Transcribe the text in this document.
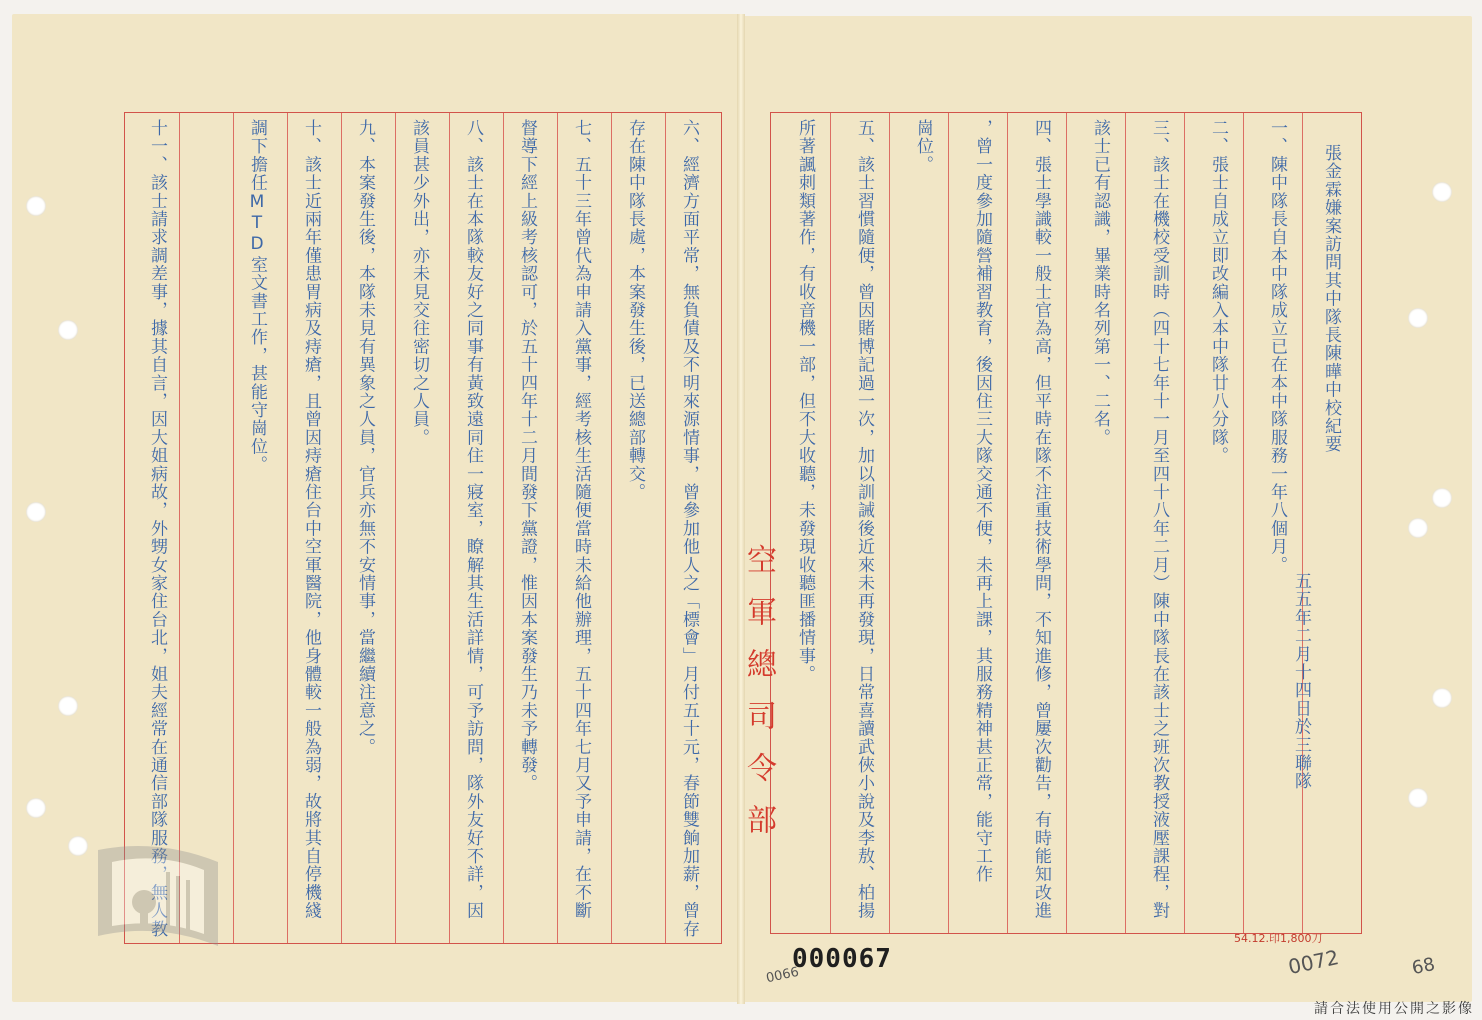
六、經濟方面平常，無負債及不明來源情事，曾參加他人之「標會」月付五十元，春節雙餉加薪，曾存
存在陳中隊長處，本案發生後，已送總部轉交。
七、五十三年曾代為申請入黨事，經考核生活隨便當時未給他辦理，五十四年七月又予申請，在不斷
督導下經上級考核認可，於五十四年十二月間發下黨證，惟因本案發生乃未予轉發。
八、該士在本隊較友好之同事有黃致遠同住一寢室，瞭解其生活詳情，可予訪問，隊外友好不詳，因
該員甚少外出，亦未見交往密切之人員。
九、本案發生後，本隊未見有異象之人員，官兵亦無不安情事，當繼續注意之。
十、該士近兩年僅患胃病及痔瘡，且曾因痔瘡住台中空軍醫院，他身體較一般為弱，故將其自停機綫
調下擔任MTD室文書工作，甚能守崗位。
十一、該士請求調差事，據其自言，因大姐病故，外甥女家住台北，姐夫經常在通信部隊服務，無人教	一、陳中隊長自本中隊成立已在本中隊服務一年八個月。
二、張士自成立即改編入本中隊廿八分隊。
三、該士在機校受訓時（四十七年十一月至四十八年二月）陳中隊長在該士之班次教授液壓課程，對
該士已有認識，畢業時名列第一、二名。
四、張士學識較一般士官為高，但平時在隊不注重技術學問，不知進修，曾屢次勸告，有時能知改進
，曾一度參加隨營補習教育，後因住三大隊交通不便，未再上課，其服務精神甚正常，能守工作
崗位。
五、該士習慣隨便，曾因賭博記過一次，加以訓誡後近來未再發現，日常喜讀武俠小說及李敖、柏揚
所著諷刺類著作，有收音機一部，但不大收聽，未發現收聽匪播情事。	張金霖嫌案訪問其中隊長陳曄中校紀要
五五年二月十四日於三聯隊
空軍總司令部
000067
54.12.印1,800刀
0066	0072	68
請合法使用公開之影像
